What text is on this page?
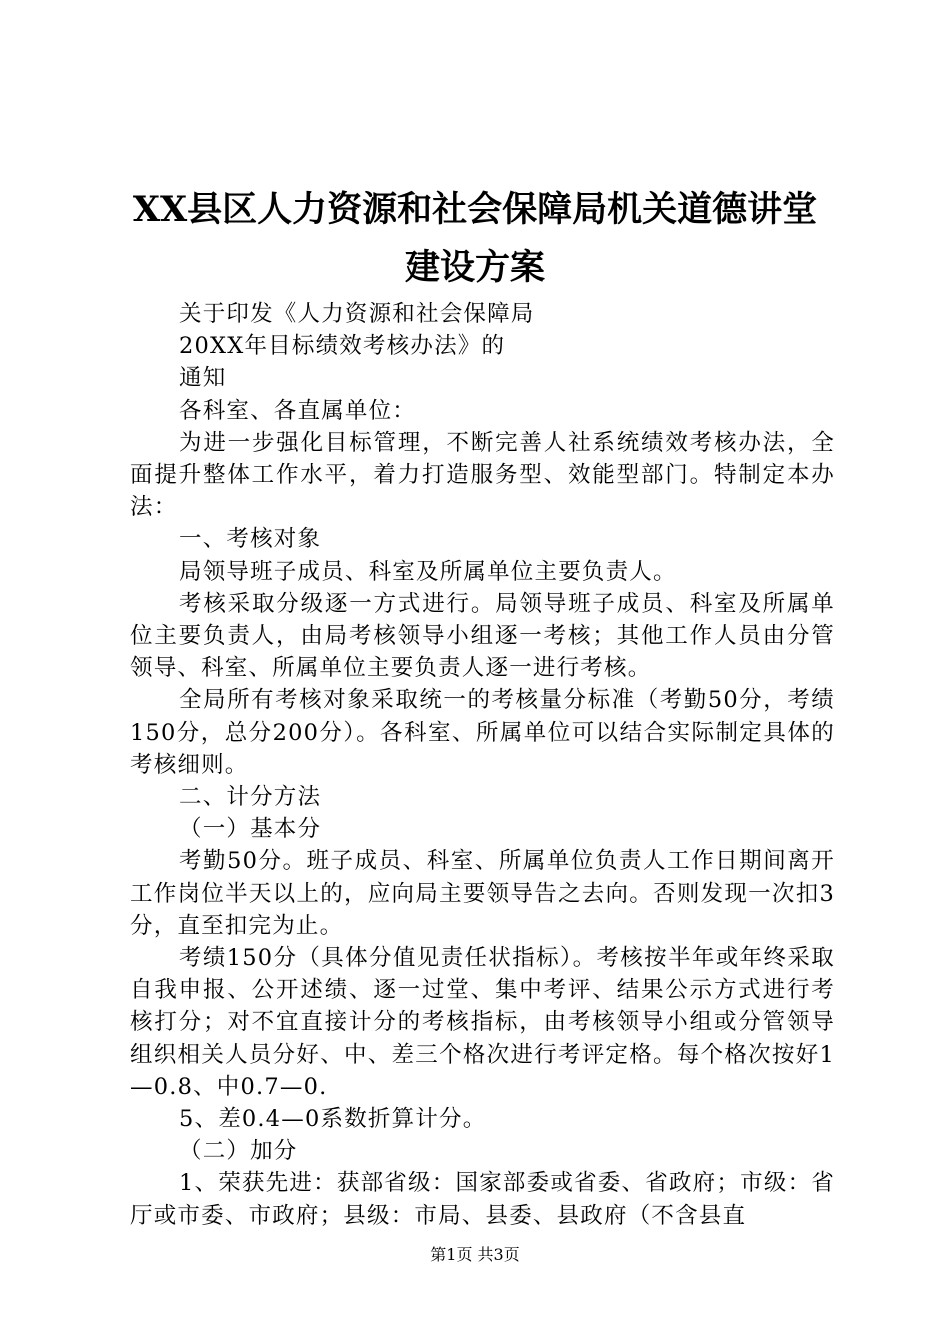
XX县区人力资源和社会保障局机关道德讲堂
建设方案

关于印发《人力资源和社会保障局

20XX年目标绩效考核办法》的

通知

各科室、各直属单位：

为进一步强化目标管理，不断完善人社系统绩效考核办法，全面提升整体工作水平，着力打造服务型、效能型部门。特制定本办法：

一、考核对象

局领导班子成员、科室及所属单位主要负责人。

考核采取分级逐一方式进行。局领导班子成员、科室及所属单位主要负责人，由局考核领导小组逐一考核；其他工作人员由分管领导、科室、所属单位主要负责人逐一进行考核。

全局所有考核对象采取统一的考核量分标准（考勤50分，考绩150分，总分200分）。各科室、所属单位可以结合实际制定具体的考核细则。

二、计分方法

（一）基本分

考勤50分。班子成员、科室、所属单位负责人工作日期间离开工作岗位半天以上的，应向局主要领导告之去向。否则发现一次扣3分，直至扣完为止。

考绩150分（具体分值见责任状指标）。考核按半年或年终采取自我申报、公开述绩、逐一过堂、集中考评、结果公示方式进行考核打分；对不宜直接计分的考核指标，由考核领导小组或分管领导组织相关人员分好、中、差三个格次进行考评定格。每个格次按好1—0.8、中0.7—0.

5、差0.4—0系数折算计分。

（二）加分

1、荣获先进：获部省级：国家部委或省委、省政府；市级：省厅或市委、市政府；县级：市局、县委、县政府（不含县直

第1页 共3页
